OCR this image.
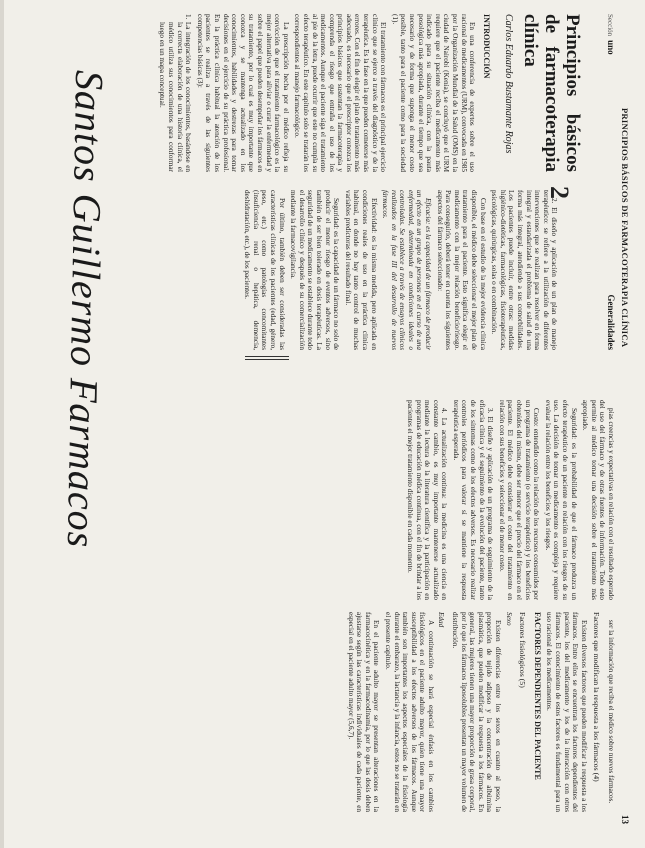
Santos Guillermo Farmacos	PRINCIPIOS BÁSICOS DE FARMACOTERAPIA CLÍNICA
13
Secciónuno
Principios básicos de farmacoterapia clínica
Carlos Eduardo Bustamante Rojas
INTRODUCCIÓN

En una conferencia de expertos sobre el uso racional de medicamentos (URM), convocada en 1985 por la Organización Mundial de la Salud (OMS) en la ciudad de Nairobi (Kenia), se concluyó que el URM requiere que el paciente reciba el medicamento más indicado para su situación clínica, con la pauta posológica más apropiada, durante el tiempo que sea necesario y de forma que suponga el menor costo posible, tanto para el paciente como para la sociedad (1).

El tratamiento con fármacos es el principal ejercicio clínico que se ejerce a través del diagnóstico y de la terapéutica. Es la fase en la que pueden cometerse más errores. Con el fin de elegir el plan de tratamiento más adecuado, es necesario que el prescriptor conozca los principios básicos que sustentan la farmacoterapia y comprenda el riesgo que entraña el uso de los medicamentos. Aunque el paciente siga el tratamiento al pie de la letra, puede ocurrir que este no cumpla su efecto terapéutico. En este capítulo solo se tratarán los correspondientes al manejo farmacológico.

La prescripción hecha por el médico refleja su convicción de que el tratamiento farmacológico es la mejor alternativa para aliviar o curar la enfermedad y sobre el papel que pueden desempeñar los fármacos en su tratamiento, por lo cual es muy importante que conozca y se mantenga actualizado en los conocimientos, habilidades y destrezas para tomar decisiones en el ejercicio de su práctica profesional. En la práctica clínica habitual la atención de los pacientes se realiza a través de las siguientes competencias básicas (3):

1. La integración de los conocimientos, basándose en la correcta elaboración de una historia clínica, el médico utiliza sus conocimientos para conformar luego en un mapa conceptual.
2
Generalidades

2. El diseño y aplicación de un plan de manejo terapéutico: se refiere a la utilización de diferentes intervenciones que se realizan para resolver en forma integral y estandarizada el problema de salud de una forma más integral, atendiendo a sus comorbilidades. Los pacientes puede incluir, entre otras: medidas higiénico-dietéticas, farmacológicas, fisioterapéuticas, psicológicas, quirúrgicas, solas o en combinación.

Con base en el estudio de la mejor evidencia clínica disponible, el médico debe seleccionar el mejor plan de tratamiento para el paciente. Esto significa elegir el medicamento con la mejor relación beneficio/riesgo. Para conseguirlo, deberá tener en cuenta los siguientes aspectos del fármaco seleccionado:

Eficacia: es la capacidad de un fármaco de producir un efecto en un grupo de personas en el curso de una enfermedad, determinada en condiciones ideales o controladas. Se establece a través de ensayos clínicos realizados en la fase III del desarrollo de nuevos fármacos.

Efectividad: es la misma medida, pero aplicada en condiciones reales de uso en la práctica clínica habitual, en donde no hay tanto control de muchas variables predictoras del resultado final.

Seguridad: es la capacidad de un fármaco no solo de producir el menor riesgo de eventos adversos, sino también de ser bien tolerado en dosis terapéuticas. La seguridad de un medicamento se establece durante todo el desarrollo clínico y después de su comercialización mediante la farmacovigilancia.

Por último, también deben ser consideradas las características clínicas de los pacientes (edad, género, peso, etc.) como patologías concomitantes (insuficiencia renal o hepática, demencia, deshidratación, etc.), de los pacientes.

pias creencias y expectativas en relación con el resultado esperado del uso del fármaco y de otras fuentes de información. Todo esto permite al médico tomar una decisión sobre el tratamiento más apropiado.

Seguridad: es la probabilidad de que el fármaco produzca un efecto terapéutico de un paciente en relación con los riesgos de su uso. La decisión de tomar un medicamento es compleja y requiere evaluar la relación entre los beneficios y los riesgos.

Costo: entendido como la relación de los recursos consumidos por un programa de tratamiento (o servicio terapéutico) y los beneficios obtenidos del mismo, debe ser menor que el precio del fármaco en el paciente. El médico debe considerar el costo del tratamiento en relación con sus beneficios y seleccionar el de menor costo.

3. El diseño y aplicación de un programa de seguimiento de la eficacia clínica y el seguimiento de la evolución del paciente, tanto de los síntomas como de los efectos adversos. Es necesario realizar controles periódicos para valorar si se mantiene la respuesta terapéutica esperada.

4. La actualización continua: la medicina es una ciencia en constante cambio, es muy importante mantenerse actualizado mediante la lectura de la literatura científica y la participación en programas de educación médica continua, con el fin de brindar a los pacientes el mejor tratamiento disponible en cada momento.

ser la información que reciba el médico sobre nuevos fármacos.

Factores que modifican la respuesta a los fármacos (4)

Existen diversos factores que pueden modificar la respuesta a los fármacos. Entre ellos se encuentran los factores dependientes del paciente, los del medicamento y los de la interacción con otros fármacos. El conocimiento de estos factores es fundamental para un uso racional de los medicamentos.

FACTORES DEPENDIENTES DEL PACIENTE
Factores fisiológicos (5)
Sexo

Existen diferencias entre los sexos en cuanto al peso, la proporción de tejido adiposo y la concentración de albúmina plasmática, que pueden modificar la respuesta a los fármacos. En general, las mujeres tienen una mayor proporción de grasa corporal, por lo que los fármacos liposolubles presentan un mayor volumen de distribución.

Edad

A continuación se hará especial énfasis en los cambios fisiológicos en el paciente adulto mayor, quien tiene una mayor susceptibilidad a los efectos adversos de los fármacos. Aunque también son importantes los aspectos especiales de la fisiología durante el embarazo, la lactancia y la infancia, estos no se tratarán en el presente capítulo.

En el paciente adulto mayor se presentan alteraciones en la farmacocinética y en la farmacodinamia, por lo que las dosis deben ajustarse según las características individuales de cada paciente, en especial en el paciente adulto mayor (5,6,7).
